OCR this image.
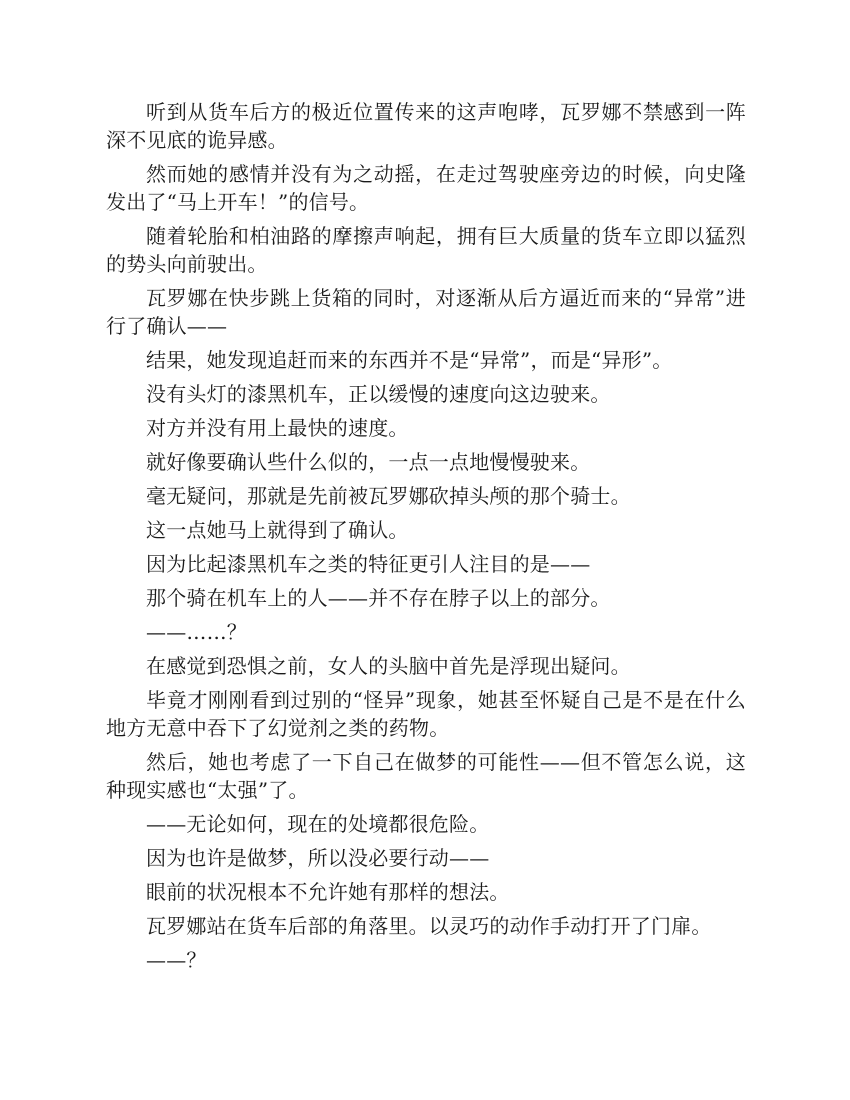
听到从货车后方的极近位置传来的这声咆哮，瓦罗娜不禁感到一阵深不见底的诡异感。

然而她的感情并没有为之动摇，在走过驾驶座旁边的时候，向史隆发出了“马上开车！”的信号。

随着轮胎和柏油路的摩擦声响起，拥有巨大质量的货车立即以猛烈的势头向前驶出。

瓦罗娜在快步跳上货箱的同时，对逐渐从后方逼近而来的“异常”进行了确认——

结果，她发现追赶而来的东西并不是“异常”，而是“异形”。

没有头灯的漆黑机车，正以缓慢的速度向这边驶来。

对方并没有用上最快的速度。

就好像要确认些什么似的，一点一点地慢慢驶来。

毫无疑问，那就是先前被瓦罗娜砍掉头颅的那个骑士。

这一点她马上就得到了确认。

因为比起漆黑机车之类的特征更引人注目的是——

那个骑在机车上的人——并不存在脖子以上的部分。

——……？

在感觉到恐惧之前，女人的头脑中首先是浮现出疑问。

毕竟才刚刚看到过别的“怪异”现象，她甚至怀疑自己是不是在什么地方无意中吞下了幻觉剂之类的药物。

然后，她也考虑了一下自己在做梦的可能性——但不管怎么说，这种现实感也“太强”了。

——无论如何，现在的处境都很危险。

因为也许是做梦，所以没必要行动——

眼前的状况根本不允许她有那样的想法。

瓦罗娜站在货车后部的角落里。以灵巧的动作手动打开了门扉。

——？
